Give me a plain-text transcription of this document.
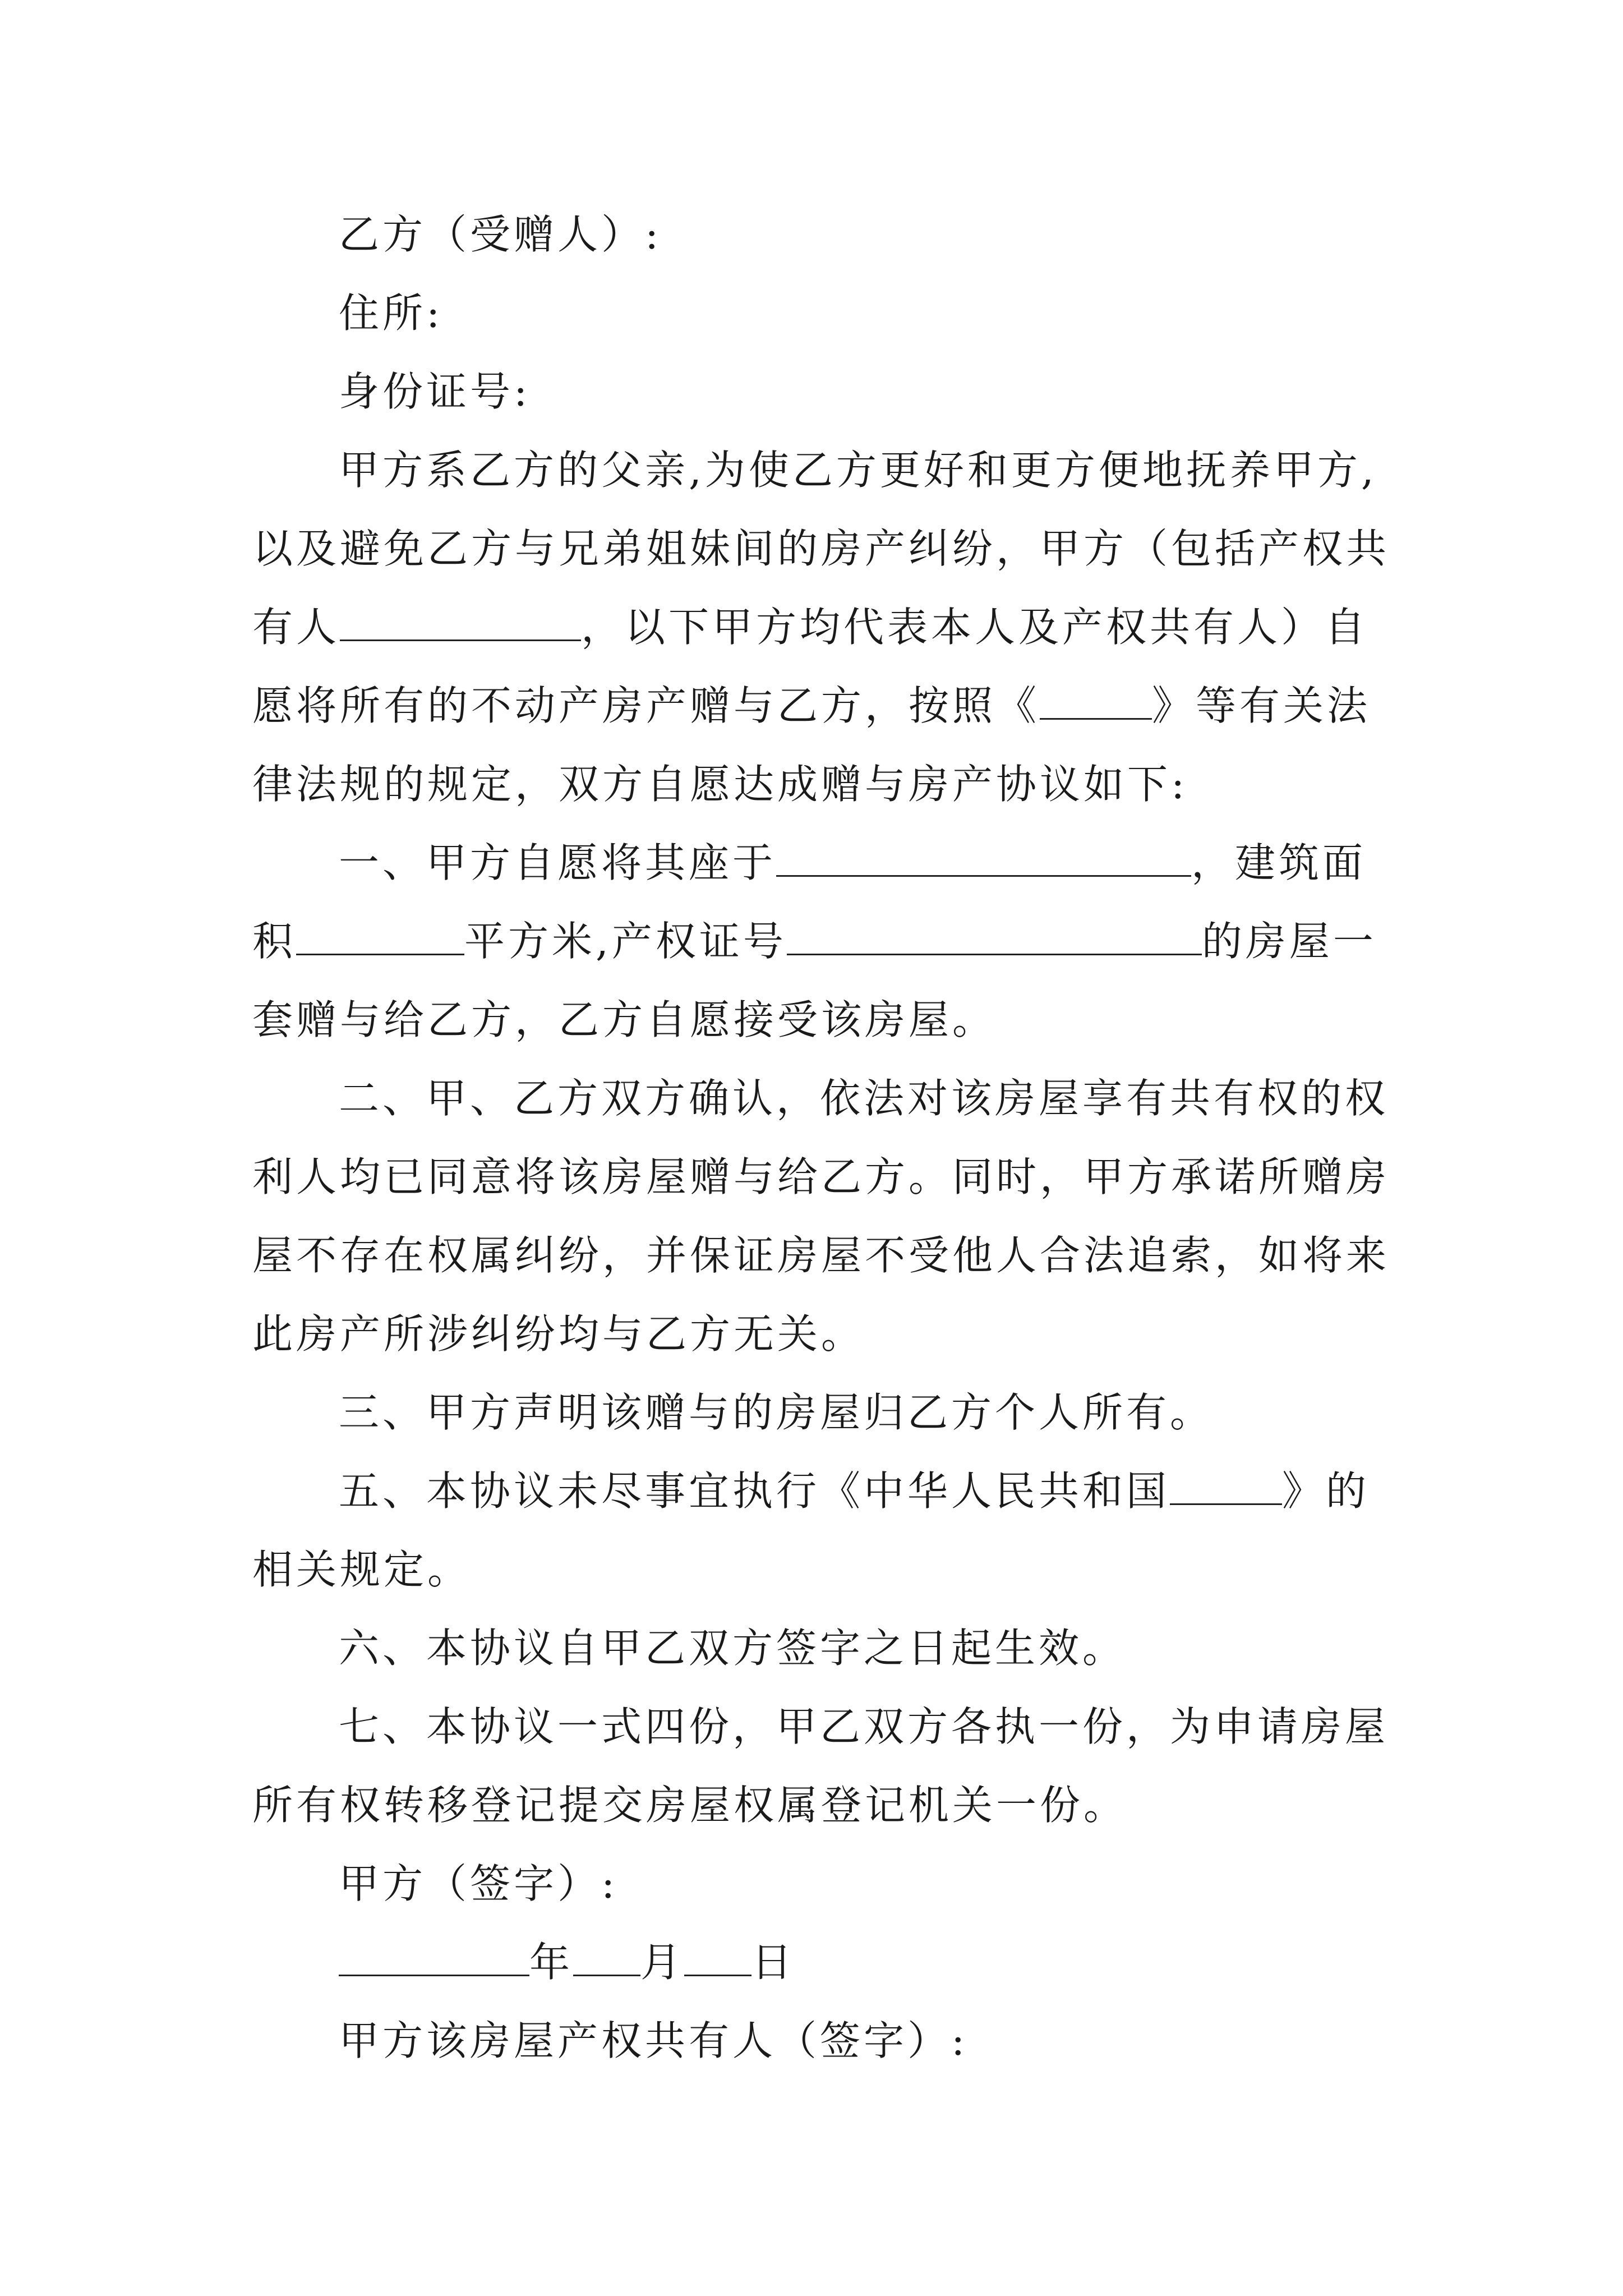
乙方（受赠人）:
住所:
身份证号:
甲方系乙方的父亲,为使乙方更好和更方便地抚养甲方,
以及避免乙方与兄弟姐妹间的房产纠纷，甲方（包括产权共
有人	，以下甲方均代表本人及产权共有人）自
愿将所有的不动产房产赠与乙方，按照《	》等有关法
律法规的规定，双方自愿达成赠与房产协议如下:
一、甲方自愿将其座于	，建筑面
积	平方米,产权证号	的房屋一
套赠与给乙方，乙方自愿接受该房屋。
二、甲、乙方双方确认，依法对该房屋享有共有权的权
利人均已同意将该房屋赠与给乙方。同时，甲方承诺所赠房
屋不存在权属纠纷，并保证房屋不受他人合法追索，如将来
此房产所涉纠纷均与乙方无关。
三、甲方声明该赠与的房屋归乙方个人所有。
五、本协议未尽事宜执行《中华人民共和国	》的
相关规定。
六、本协议自甲乙双方签字之日起生效。
七、本协议一式四份，甲乙双方各执一份，为申请房屋
所有权转移登记提交房屋权属登记机关一份。
甲方（签字）:
年 月 日
甲方该房屋产权共有人（签字）:
